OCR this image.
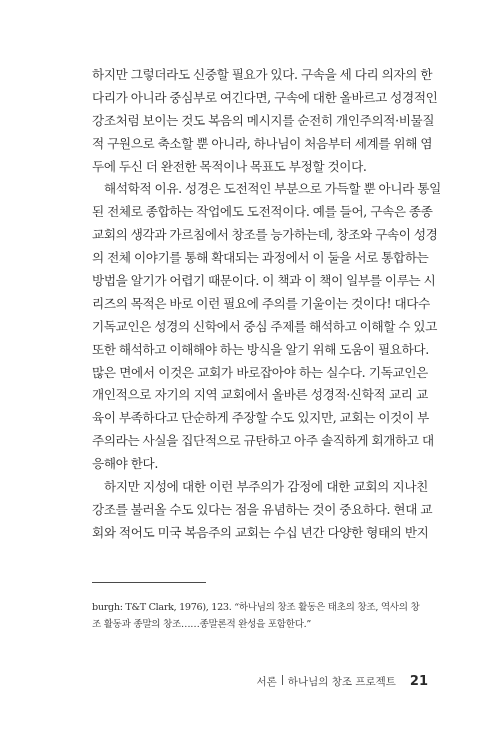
하지만 그렇더라도 신중할 필요가 있다. 구속을 세 다리 의자의 한
다리가 아니라 중심부로 여긴다면, 구속에 대한 올바르고 성경적인
강조처럼 보이는 것도 복음의 메시지를 순전히 개인주의적·비물질
적 구원으로 축소할 뿐 아니라, 하나님이 처음부터 세계를 위해 염
두에 두신 더 완전한 목적이나 목표도 부정할 것이다.
해석학적 이유. 성경은 도전적인 부분으로 가득할 뿐 아니라 통일
된 전체로 종합하는 작업에도 도전적이다. 예를 들어, 구속은 종종
교회의 생각과 가르침에서 창조를 능가하는데, 창조와 구속이 성경
의 전체 이야기를 통해 확대되는 과정에서 이 둘을 서로 통합하는
방법을 알기가 어렵기 때문이다. 이 책과 이 책이 일부를 이루는 시
리즈의 목적은 바로 이런 필요에 주의를 기울이는 것이다! 대다수
기독교인은 성경의 신학에서 중심 주제를 해석하고 이해할 수 있고
또한 해석하고 이해해야 하는 방식을 알기 위해 도움이 필요하다.
많은 면에서 이것은 교회가 바로잡아야 하는 실수다. 기독교인은
개인적으로 자기의 지역 교회에서 올바른 성경적·신학적 교리 교
육이 부족하다고 단순하게 주장할 수도 있지만, 교회는 이것이 부
주의라는 사실을 집단적으로 규탄하고 아주 솔직하게 회개하고 대
응해야 한다.
하지만 지성에 대한 이런 부주의가 감정에 대한 교회의 지나친
강조를 불러올 수도 있다는 점을 유념하는 것이 중요하다. 현대 교
회와 적어도 미국 복음주의 교회는 수십 년간 다양한 형태의 반지
burgh: T&T Clark, 1976), 123. “하나님의 창조 활동은 태초의 창조, 역사의 창
조 활동과 종말의 창조……종말론적 완성을 포함한다.”
서론 하나님의 창조 프로젝트 21
